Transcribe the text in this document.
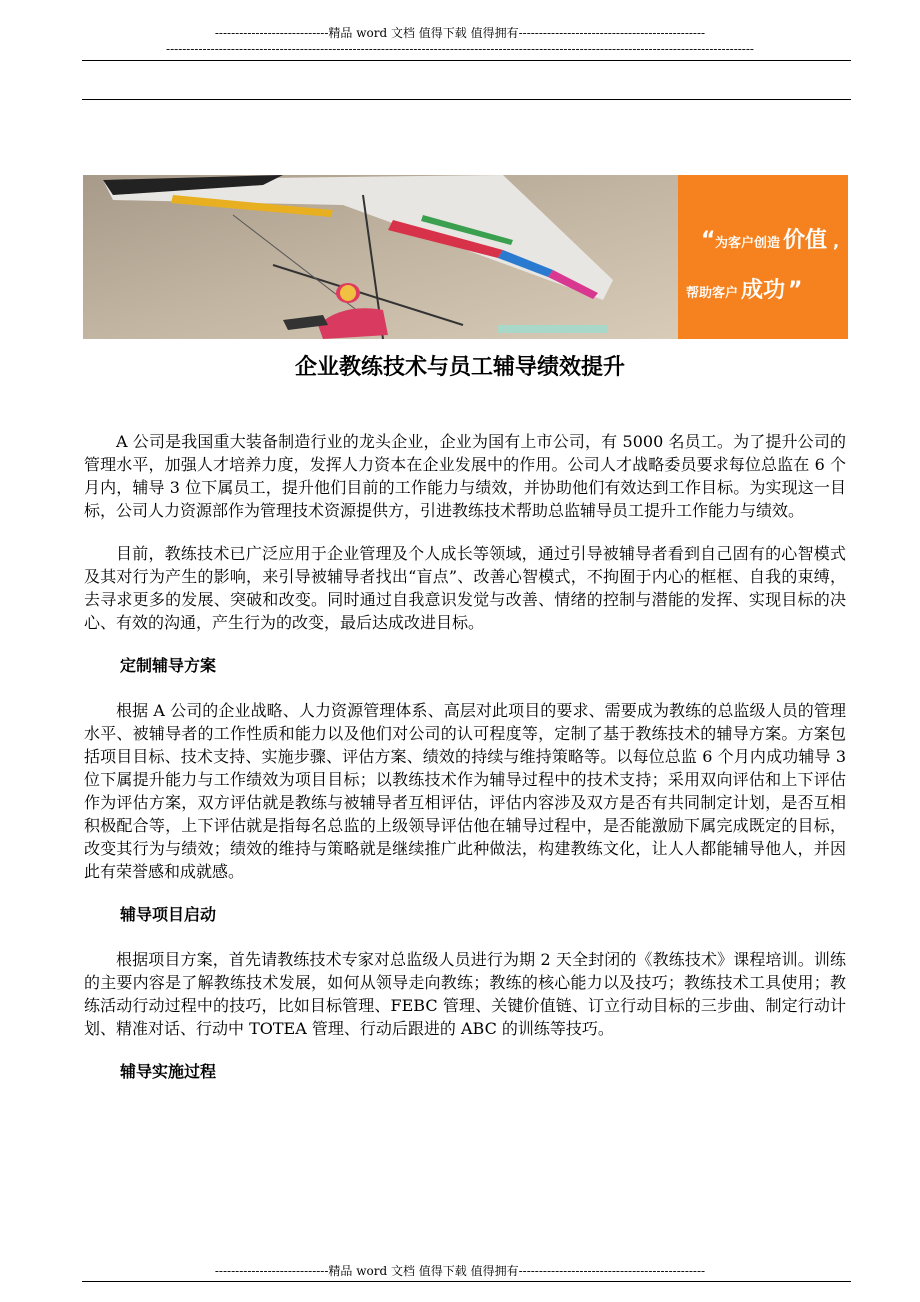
----------------------------精品 word 文档 值得下载 值得拥有----------------------------------------------
-------------------------------------------------------------------------------------------------------------------------------------------------
“ 为客户创造 价值 ,
帮助客户 成功 ”
企业教练技术与员工辅导绩效提升

A 公司是我国重大装备制造行业的龙头企业，企业为国有上市公司，有 5000 名员工。为了提升公司的管理水平，加强人才培养力度，发挥人力资本在企业发展中的作用。公司人才战略委员要求每位总监在 6 个月内，辅导 3 位下属员工，提升他们目前的工作能力与绩效，并协助他们有效达到工作目标。为实现这一目标，公司人力资源部作为管理技术资源提供方，引进教练技术帮助总监辅导员工提升工作能力与绩效。

目前，教练技术已广泛应用于企业管理及个人成长等领域，通过引导被辅导者看到自己固有的心智模式及其对行为产生的影响，来引导被辅导者找出“盲点”、改善心智模式，不拘囿于内心的框框、自我的束缚，去寻求更多的发展、突破和改变。同时通过自我意识发觉与改善、情绪的控制与潜能的发挥、实现目标的决心、有效的沟通，产生行为的改变，最后达成改进目标。

定制辅导方案

根据 A 公司的企业战略、人力资源管理体系、高层对此项目的要求、需要成为教练的总监级人员的管理水平、被辅导者的工作性质和能力以及他们对公司的认可程度等，定制了基于教练技术的辅导方案。方案包括项目目标、技术支持、实施步骤、评估方案、绩效的持续与维持策略等。以每位总监 6 个月内成功辅导 3 位下属提升能力与工作绩效为项目目标；以教练技术作为辅导过程中的技术支持；采用双向评估和上下评估作为评估方案，双方评估就是教练与被辅导者互相评估，评估内容涉及双方是否有共同制定计划，是否互相积极配合等，上下评估就是指每名总监的上级领导评估他在辅导过程中，是否能激励下属完成既定的目标，改变其行为与绩效；绩效的维持与策略就是继续推广此种做法，构建教练文化，让人人都能辅导他人，并因此有荣誉感和成就感。

辅导项目启动

根据项目方案，首先请教练技术专家对总监级人员进行为期 2 天全封闭的《教练技术》课程培训。训练的主要内容是了解教练技术发展，如何从领导走向教练；教练的核心能力以及技巧；教练技术工具使用；教练活动行动过程中的技巧，比如目标管理、FEBC 管理、关键价值链、订立行动目标的三步曲、制定行动计划、精准对话、行动中 TOTEA 管理、行动后跟进的 ABC 的训练等技巧。

辅导实施过程
----------------------------精品 word 文档 值得下载 值得拥有----------------------------------------------
